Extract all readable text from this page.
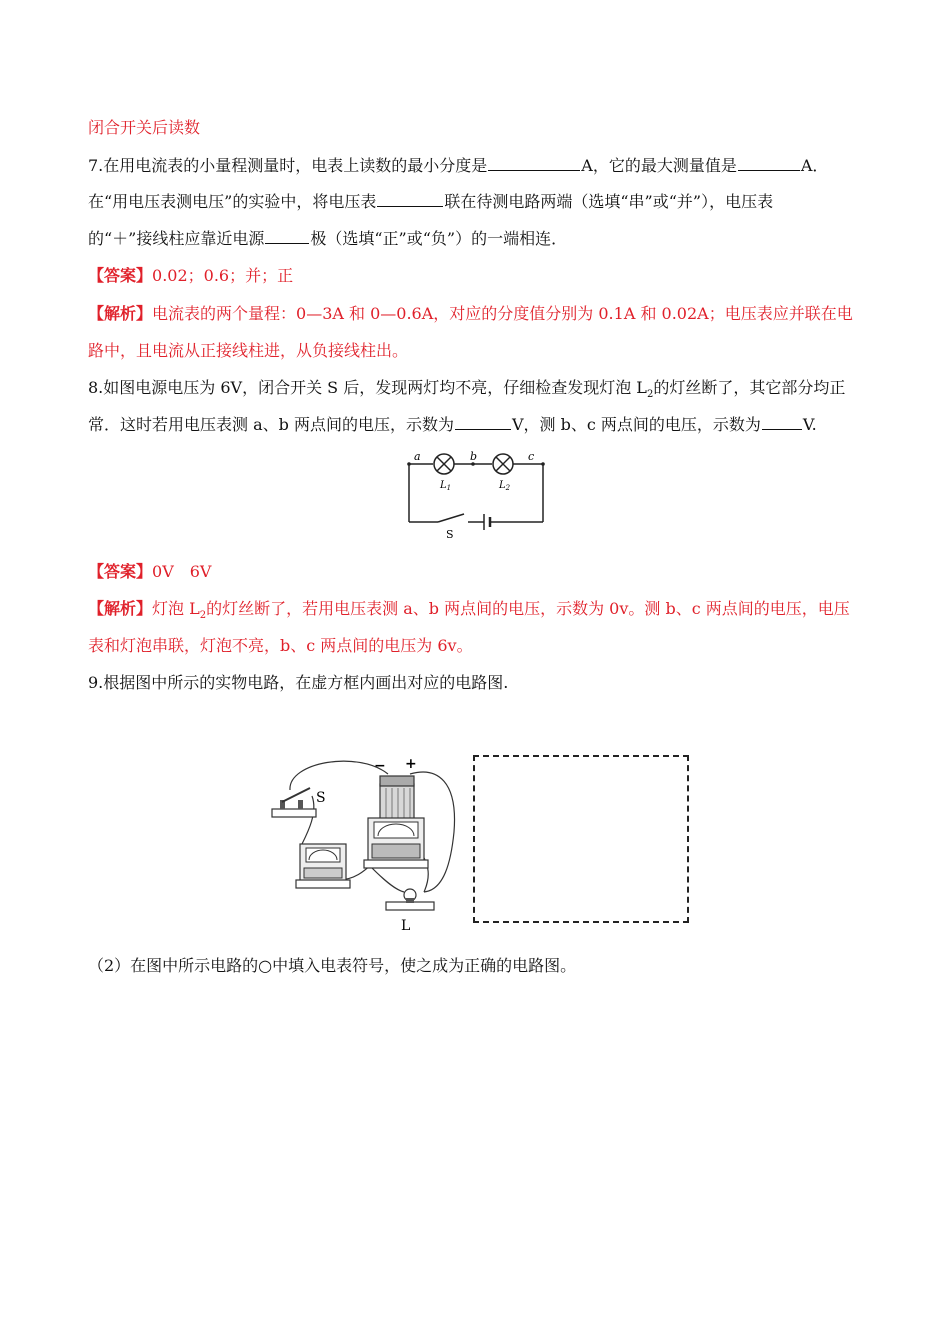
闭合开关后读数
7.在用电流表的小量程测量时，电表上读数的最小分度是	A，它的最大测量值是	A．
在“用电压表测电压”的实验中，将电压表	联在待测电路两端（选填“串”或“并”），电压表
的“＋”接线柱应靠近电源	极（选填“正”或“负”）的一端相连．
【答案】0.02；0.6；并；正
【解析】电流表的两个量程：0—3A 和 0—0.6A，对应的分度值分别为 0.1A 和 0.02A；电压表应并联在电
路中，且电流从正接线柱进，从负接线柱出。
8.如图电源电压为 6V，闭合开关 S 后，发现两灯均不亮，仔细检查发现灯泡 $L_2$的灯丝断了，其它部分均正
常．这时若用电压表测 a、b 两点间的电压，示数为	V，测 b、c 两点间的电压，示数为	V.
a	b	c
$L_1$	$L_2$
S
【答案】0V　6V
【解析】灯泡 $L_2$的灯丝断了，若用电压表测 a、b 两点间的电压，示数为 0v。测 b、c 两点间的电压，电压
表和灯泡串联，灯泡不亮，b、c 两点间的电压为 6v。
9.根据图中所示的实物电路，在虚方框内画出对应的电路图.
S
− +
L
（2）在图中所示电路的○中填入电表符号，使之成为正确的电路图。
